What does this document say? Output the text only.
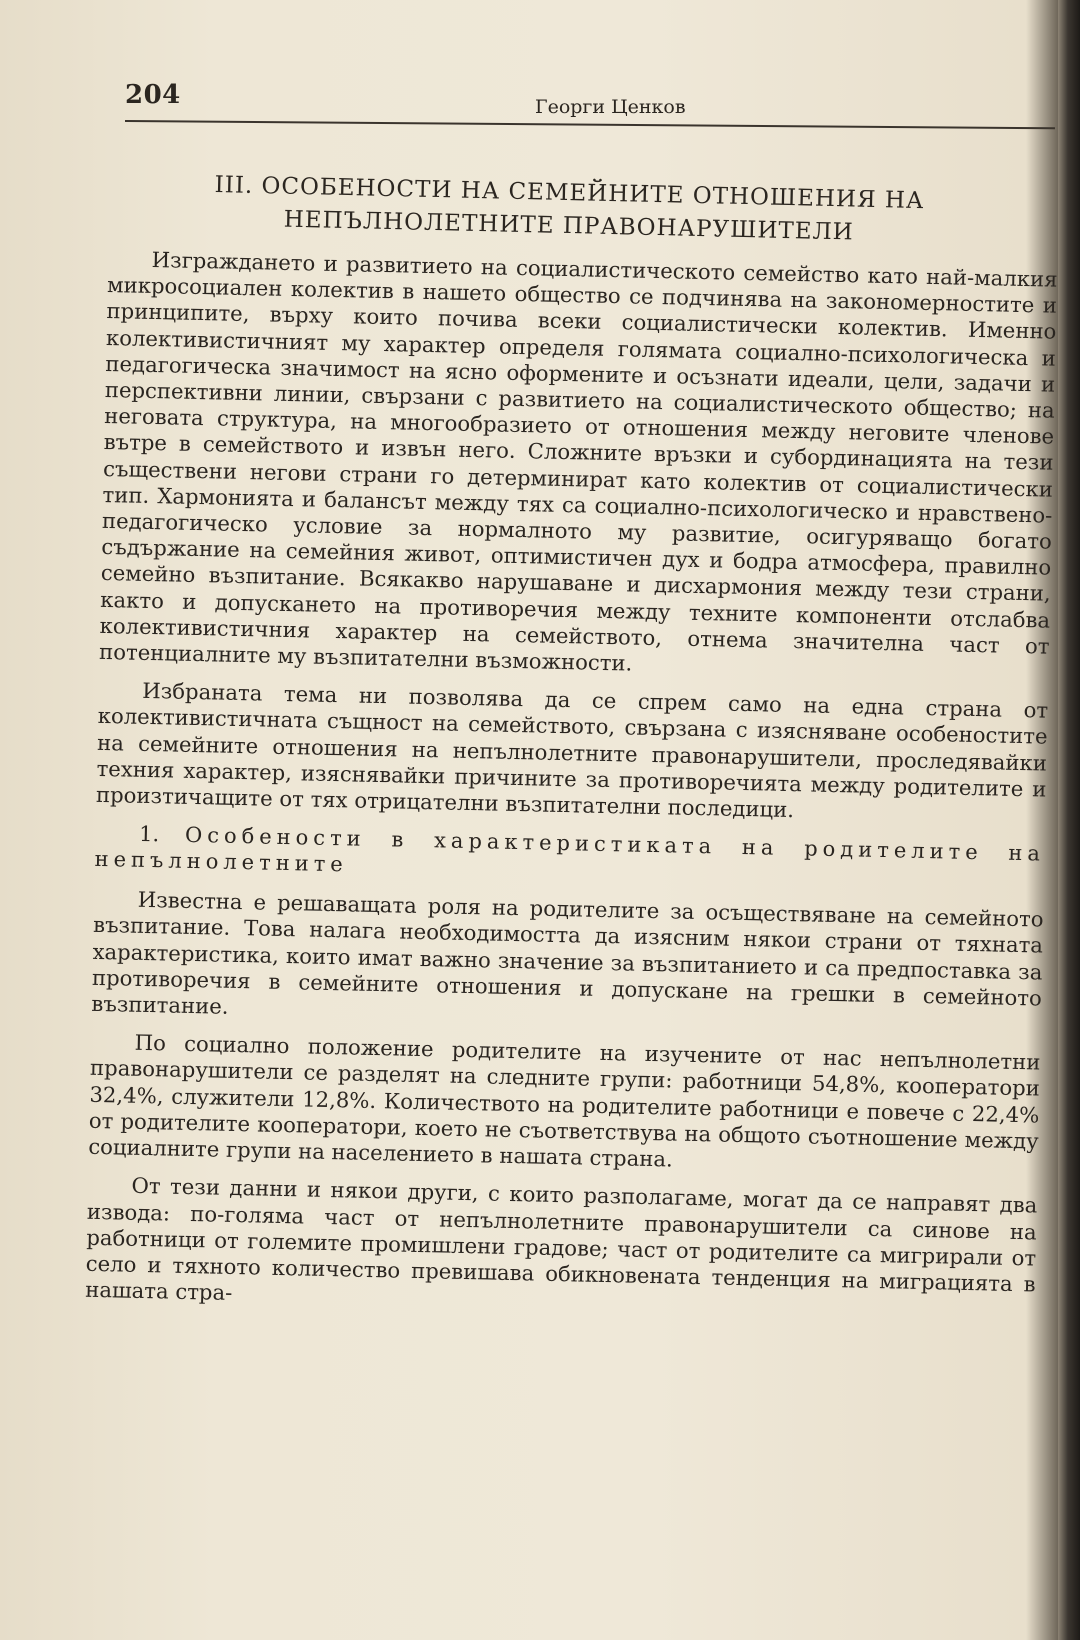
204	Георги Ценков
III. ОСОБЕНОСТИ НА СЕМЕЙНИТЕ ОТНОШЕНИЯ НА
НЕПЪЛНОЛЕТНИТЕ ПРАВОНАРУШИТЕЛИ

Изграждането и развитието на социалистическото семейство като най-малкия микросоциален колектив в нашето общество се подчинява на закономерностите и принципите, върху които почива всеки социалистически колектив. Именно колективистичният му характер определя голямата социално-психологическа и педагогическа значимост на ясно оформените и осъзнати идеали, цели, задачи и перспективни линии, свързани с развитието на социалистическото общество; на неговата структура, на многообразието от отношения между неговите членове вътре в семейството и извън него. Сложните връзки и субординацията на тези съществени негови страни го детерминират като колектив от социалистически тип. Хармонията и балансът между тях са социално-психологическо и нравствено-педагогическо условие за нормалното му развитие, осигуряващо богато съдържание на семейния живот, оптимистичен дух и бодра атмосфера, правилно семейно възпитание. Всякакво нарушаване и дисхармония между тези страни, както и допускането на противоречия между техните компоненти отслабва колективистичния характер на семейството, отнема значителна част от потенциалните му възпитателни възможности.

Избраната тема ни позволява да се спрем само на една страна от колективистичната същност на семейството, свързана с изясняване особеностите на семейните отношения на непълнолетните правонарушители, проследявайки техния характер, изяснявайки причините за противоречията между родителите и произтичащите от тях отрицателни възпитателни последици.

1. Особености в характеристиката на родителите на непълнолетните

Известна е решаващата роля на родителите за осъществяване на семейното възпитание. Това налага необходимостта да изясним някои страни от тяхната характеристика, които имат важно значение за възпитанието и са предпоставка за противоречия в семейните отношения и допускане на грешки в семейното възпитание.

По социално положение родителите на изучените от нас непълнолетни правонарушители се разделят на следните групи: работници 54,8%, кооператори 32,4%, служители 12,8%. Количеството на родителите работници е повече с 22,4% от родителите кооператори, което не съответствува на общото съотношение между социалните групи на населението в нашата страна.

От тези данни и някои други, с които разполагаме, могат да се направят два извода: по-голяма част от непълнолетните правонарушители са синове на работници от големите промишлени градове; част от родителите са мигрирали от село и тяхното количество превишава обикновената тенденция на миграцията в нашата стра-
